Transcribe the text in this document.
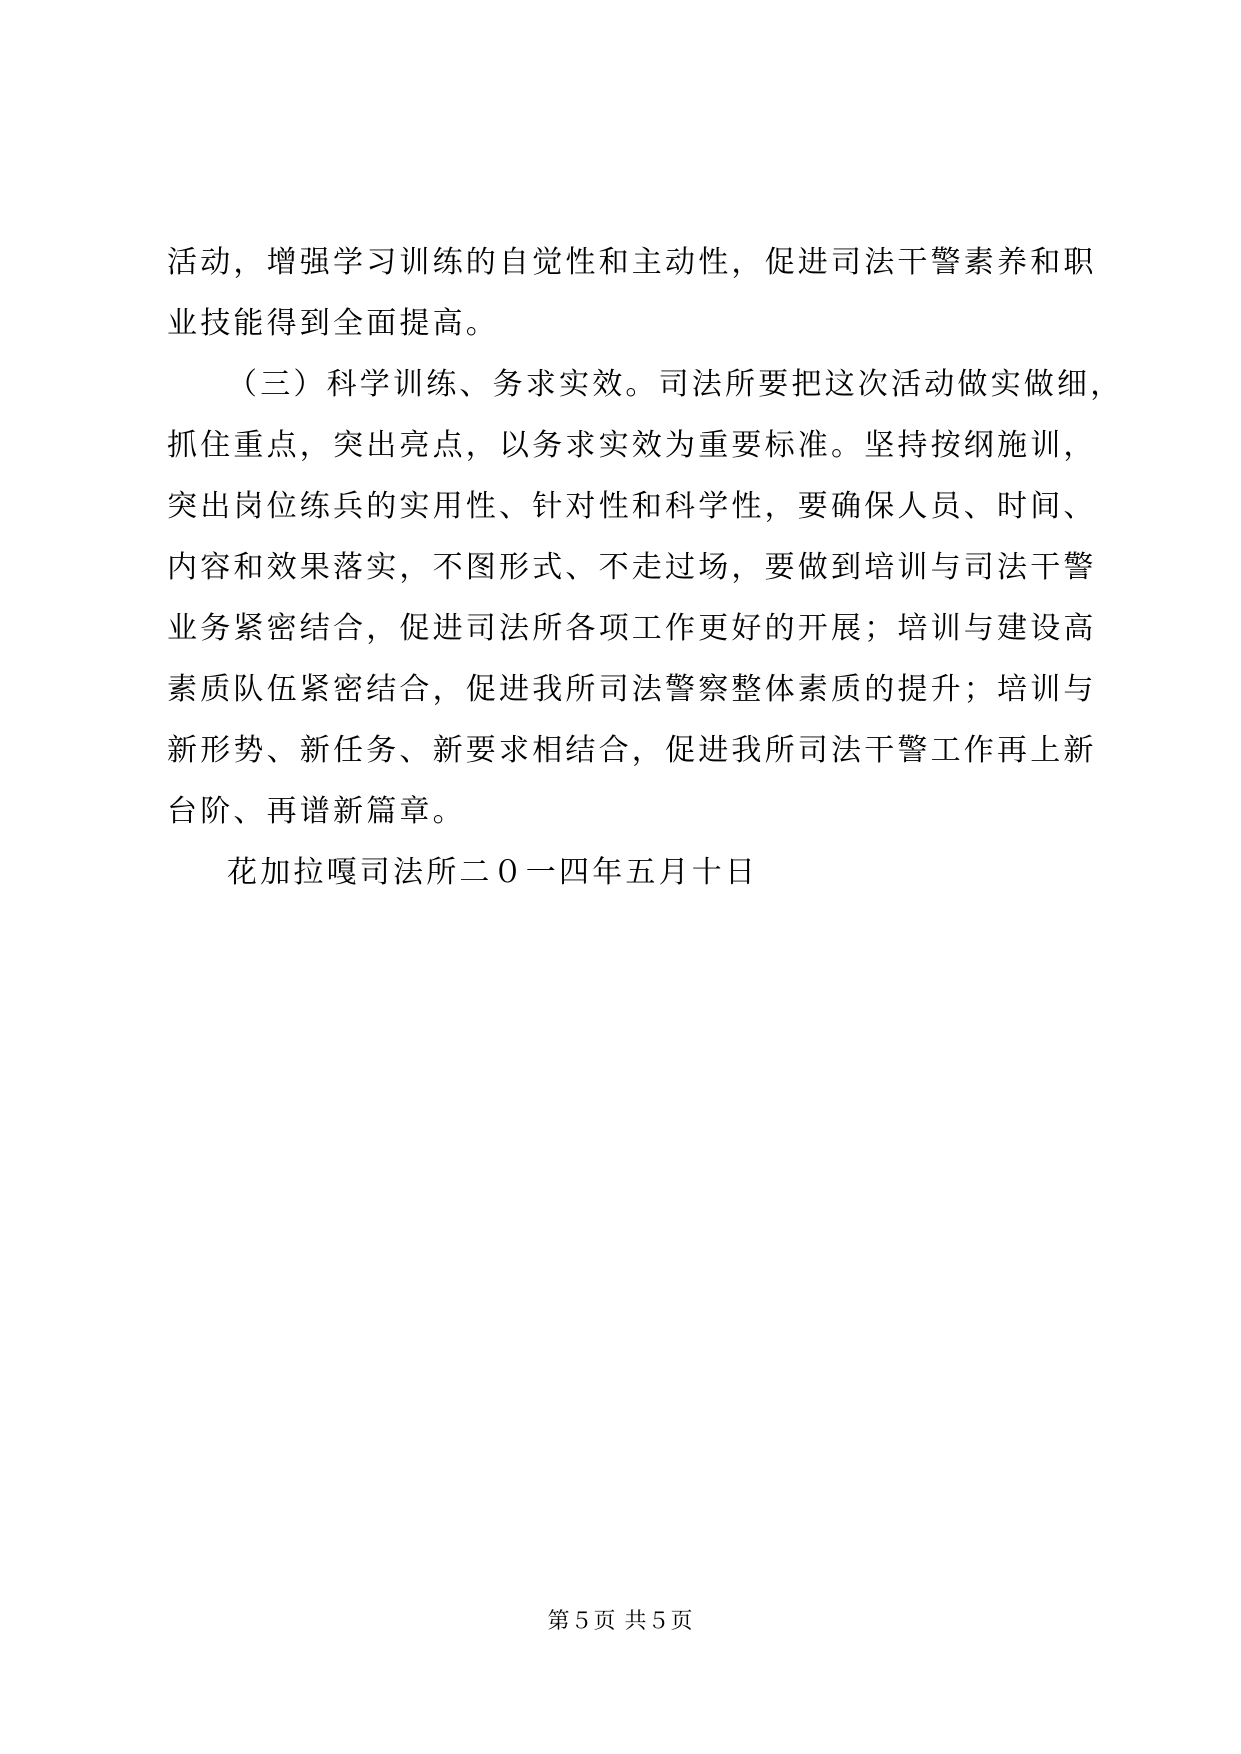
活动，增强学习训练的自觉性和主动性，促进司法干警素养和职
业技能得到全面提高。
（三）科学训练、务求实效。司法所要把这次活动做实做细，
抓住重点，突出亮点，以务求实效为重要标准。坚持按纲施训，
突出岗位练兵的实用性、针对性和科学性，要确保人员、时间、
内容和效果落实，不图形式、不走过场，要做到培训与司法干警
业务紧密结合，促进司法所各项工作更好的开展；培训与建设高
素质队伍紧密结合，促进我所司法警察整体素质的提升；培训与
新形势、新任务、新要求相结合，促进我所司法干警工作再上新
台阶、再谱新篇章。
花加拉嘎司法所二０一四年五月十日
第５页 共５页
